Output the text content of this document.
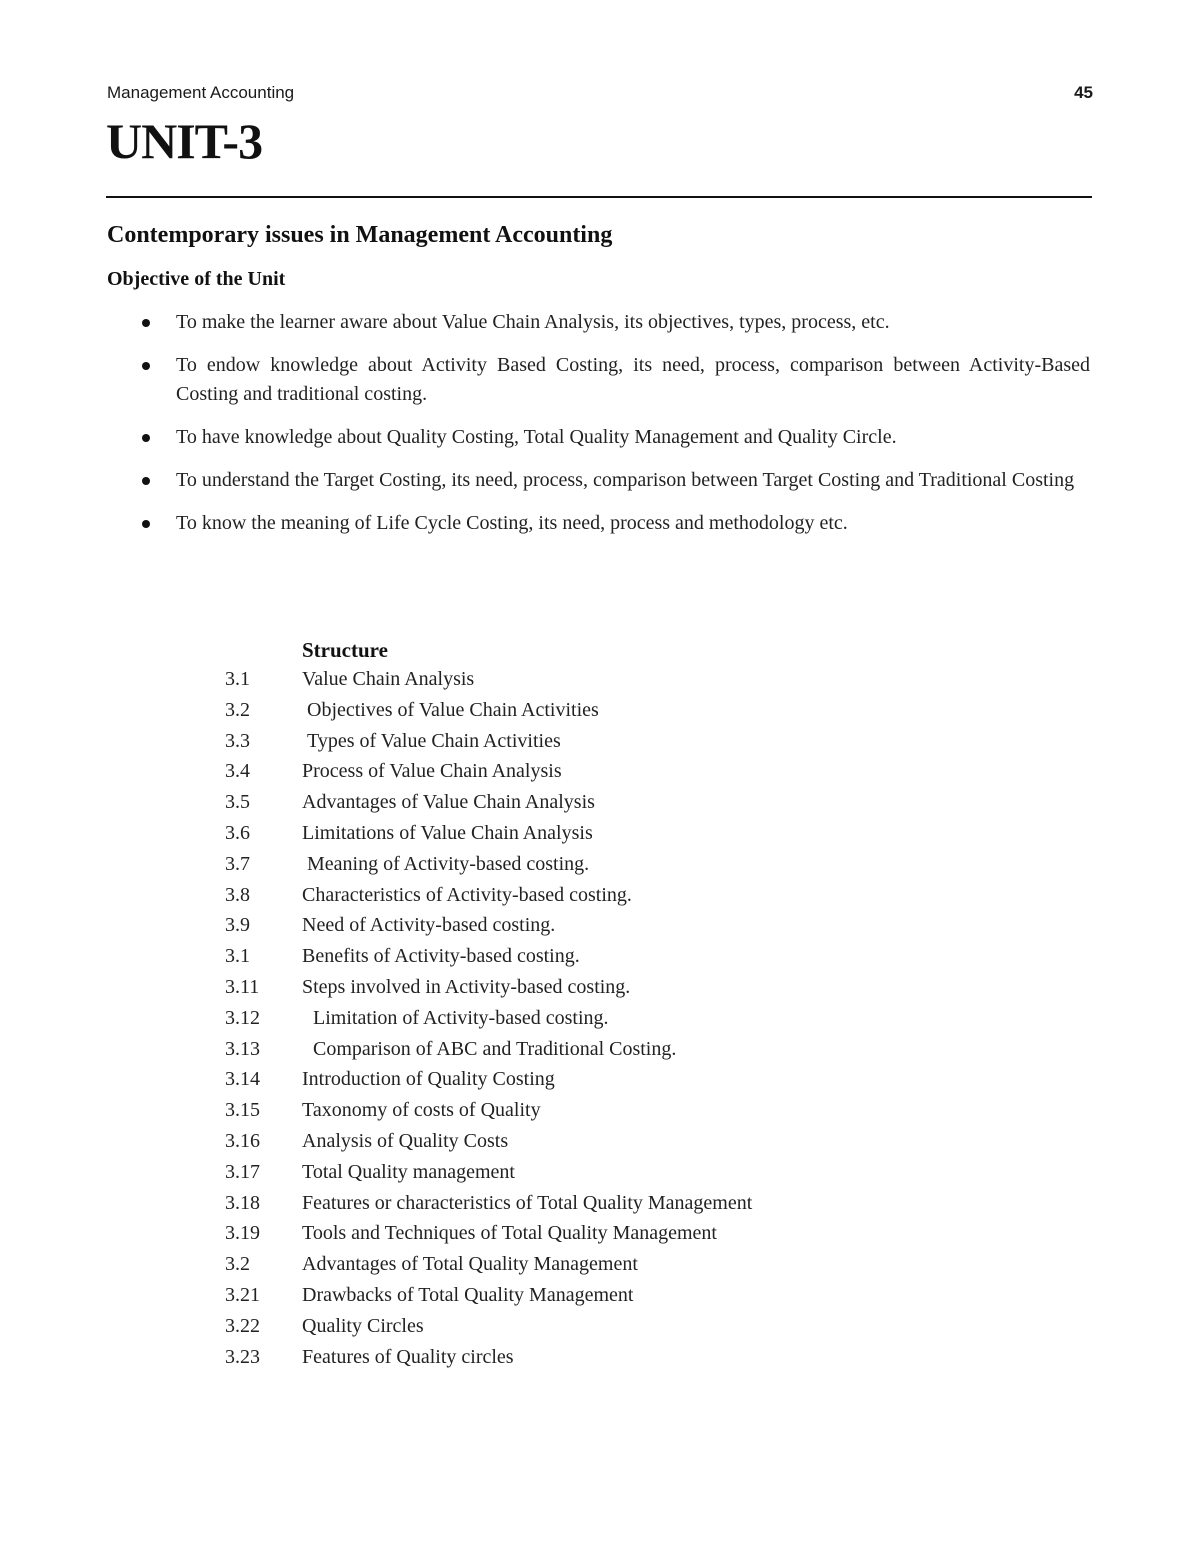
Management Accounting	45
UNIT-3
Contemporary issues in Management Accounting
Objective of the Unit
To make the learner aware about Value Chain Analysis, its objectives, types, process, etc.
To endow knowledge about Activity Based Costing, its need, process, comparison between Activity-Based Costing and traditional costing.
To have knowledge about Quality Costing, Total Quality Management and Quality Circle.
To understand the Target Costing, its need, process, comparison between Target Costing and Traditional Costing
To know the meaning of Life Cycle Costing, its need, process and methodology etc.
Structure
3.1	Value Chain Analysis
3.2	Objectives of Value Chain Activities
3.3	Types of Value Chain Activities
3.4	Process of Value Chain Analysis
3.5	Advantages of Value Chain Analysis
3.6	Limitations of Value Chain Analysis
3.7	Meaning of Activity-based costing.
3.8	Characteristics of Activity-based costing.
3.9	Need of Activity-based costing.
3.1	Benefits of Activity-based costing.
3.11	Steps involved in Activity-based costing.
3.12	Limitation of Activity-based costing.
3.13	Comparison of ABC and Traditional Costing.
3.14	Introduction of Quality Costing
3.15	Taxonomy of costs of Quality
3.16	Analysis of Quality Costs
3.17	Total Quality management
3.18	Features or characteristics of Total Quality Management
3.19	Tools and Techniques of Total Quality Management
3.2	Advantages of Total Quality Management
3.21	Drawbacks of Total Quality Management
3.22	Quality Circles
3.23	Features of Quality circles
